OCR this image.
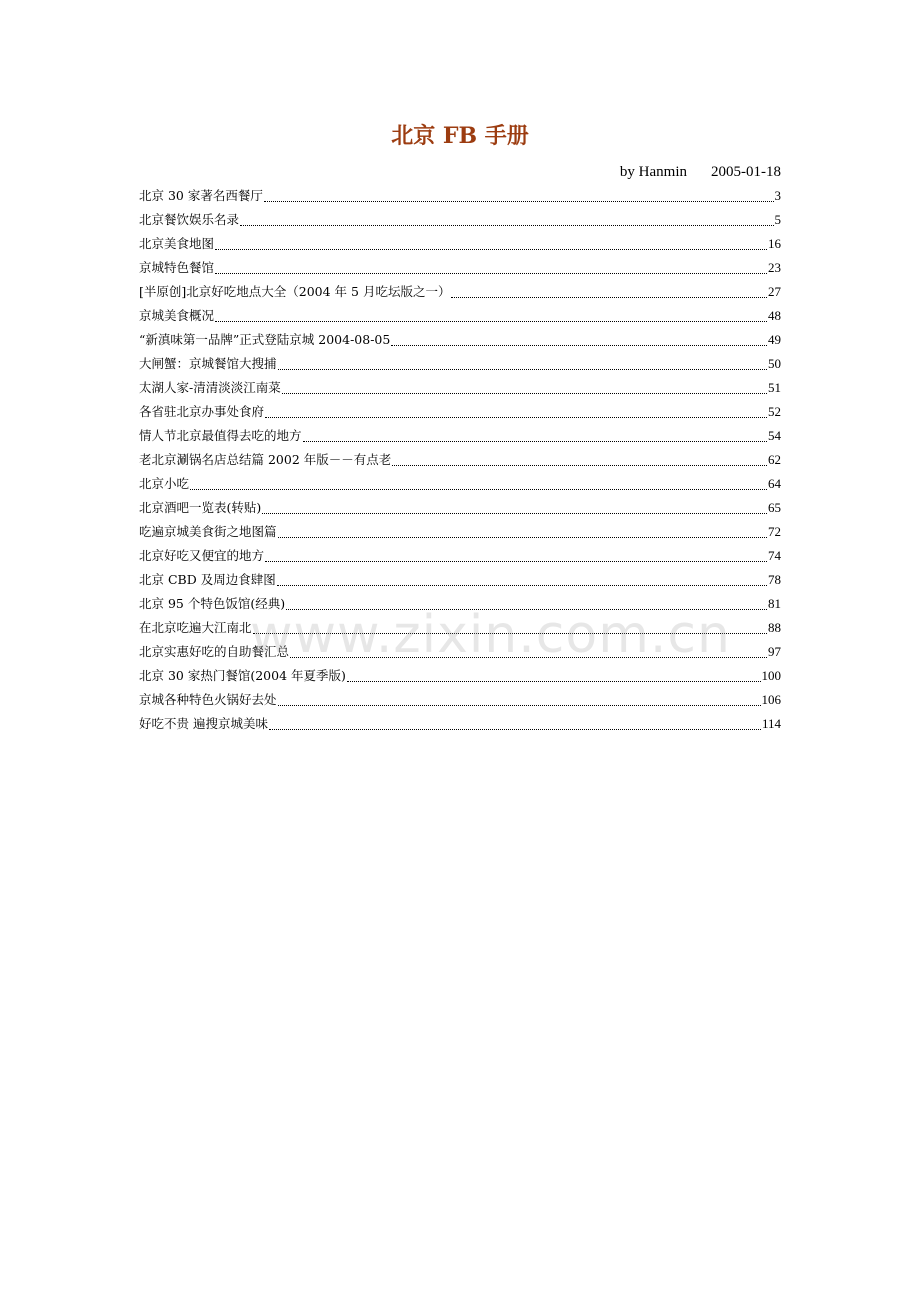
北京 FB 手册
by Hanmin 2005-01-18
北京 30 家著名西餐厅	3
北京餐饮娱乐名录	5
北京美食地图	16
京城特色餐馆	23
[半原创]北京好吃地点大全（2004 年 5 月吃坛版之一）	27
京城美食概况	48
“新滇味第一品牌”正式登陆京城 2004-08-05	49
大闸蟹：京城餐馆大搜捕	50
太湖人家-清清淡淡江南菜	51
各省驻北京办事处食府	52
情人节北京最值得去吃的地方	54
老北京涮锅名店总结篇 2002 年版－－有点老	62
北京小吃	64
北京酒吧一览表(转贴)	65
吃遍京城美食街之地图篇	72
北京好吃又便宜的地方	74
北京 CBD 及周边食肆图	78
北京 95 个特色饭馆(经典)	81
在北京吃遍大江南北	88
北京实惠好吃的自助餐汇总	97
北京 30 家热门餐馆(2004 年夏季版)	100
京城各种特色火锅好去处	106
好吃不贵 遍搜京城美味	114
www.zixin.com.cn
